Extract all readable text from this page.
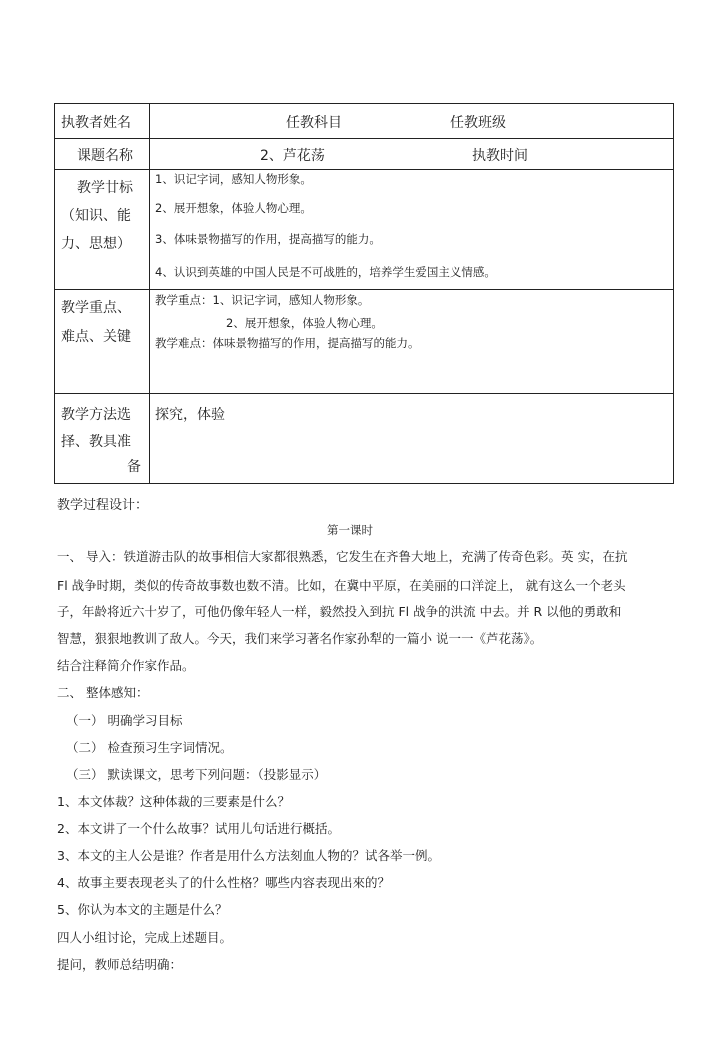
执教者姓名	任教科目 任教班级

课题名称	2、芦花荡 执教时间

教学廿标
（知识、能
力、思想）	1、识记字词，感知人物形象。
2、展开想象，体验人物心理。
3、体味景物描写的作用，提高描写的能力。
4、认识到英雄的中国人民是不可战胜的，培养学生爱国主义情感。

教学重点、
难点、关键	教学重点：1、识记字词，感知人物形象。
2、展开想象，体验人物心理。
教学难点：体味景物描写的作用，提高描写的能力。

教学方法选
择、教具准
备	探究，体验
教学过程设计：
第一课时
一、 导入：铁道游击队的故事相信大家都很熟悉，它发生在齐鲁大地上，充满了传奇色彩。英 实，在抗
Fl 战争时期，类似的传奇故事数也数不清。比如，在冀中平原，在美丽的口洋淀上， 就有这么一个老头
子，年龄将近六十岁了，可他仍像年轻人一样，毅然投入到抗 Fl 战争的洪流 中去。并 R 以他的勇敢和
智慧，狠狠地教训了敌人。今天，我们来学习著名作家孙犁的一篇小 说一一《芦花荡》。
结合注释简介作家作品。
二、 整体感知：
（一） 明确学习目标
（二） 检查预习生字词情况。
（三） 默读课文，思考下列问题：（投影显示）
1、本文体裁？这种体裁的三要素是什么？
2、本文讲了一个什么故事？试用儿句话进行概括。
3、本文的主人公是谁？作者是用什么方法刻血人物的？试各举一例。
4、故事主要表现老头了的什么性格？哪些内容表现出來的？
5、你认为本文的主题是什么？
四人小组讨论，完成上述题目。
提问，教师总结明确：
